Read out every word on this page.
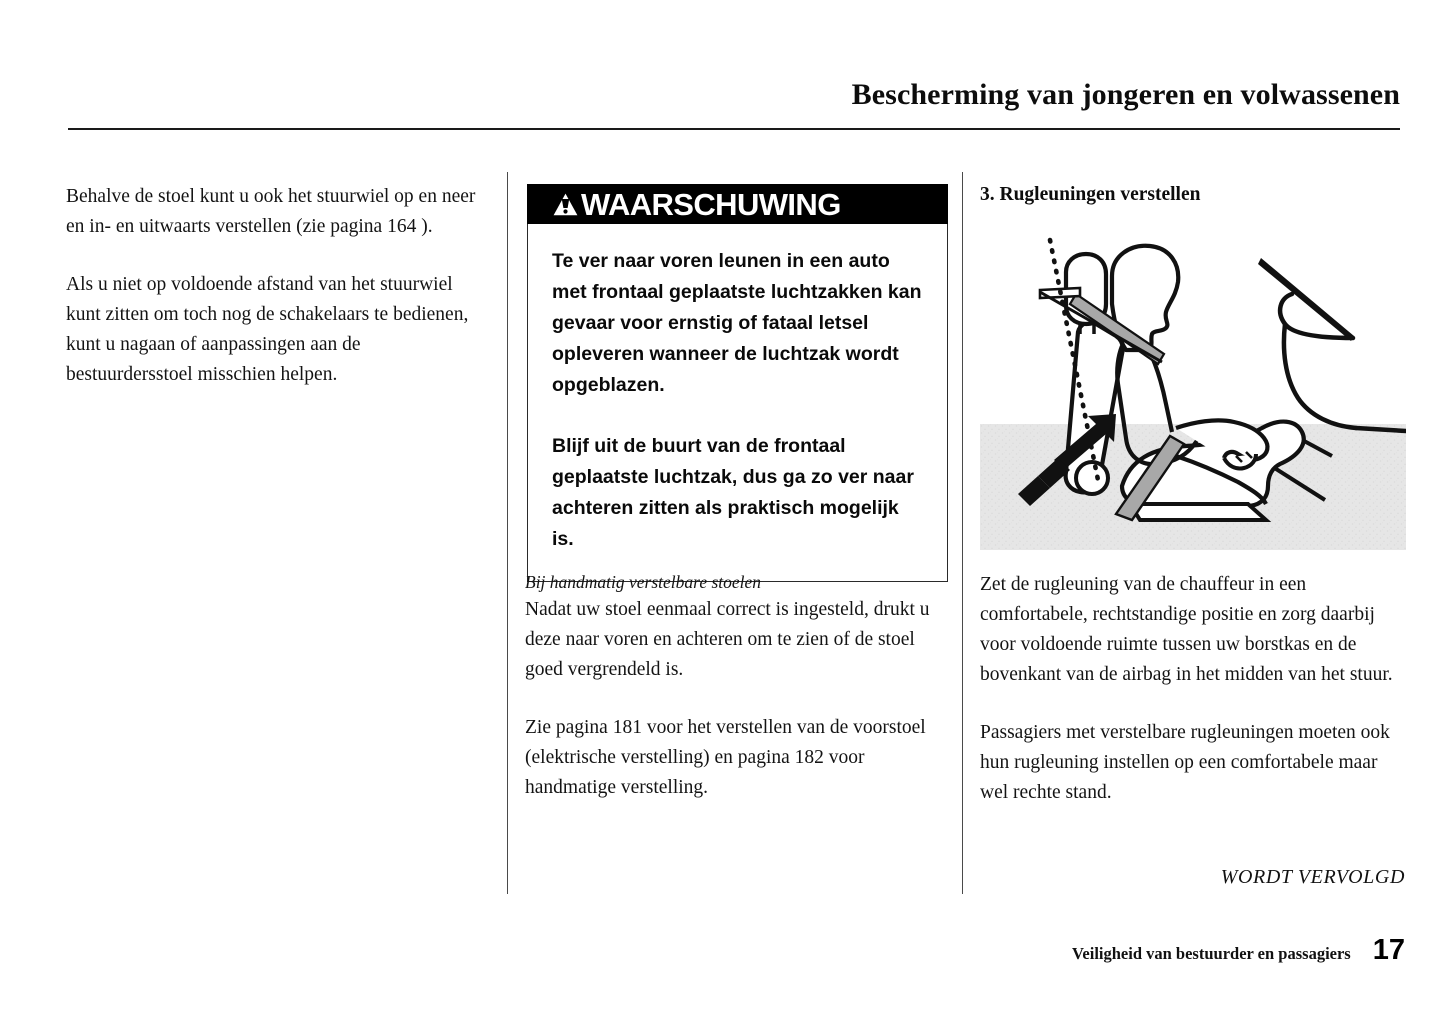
Bescherming van jongeren en volwassenen

Behalve de stoel kunt u ook het stuurwiel op en neer en in- en uitwaarts verstellen (zie pagina 164 ).

Als u niet op voldoende afstand van het stuurwiel kunt zitten om toch nog de schakelaars te bedienen, kunt u nagaan of aanpassingen aan de bestuurdersstoel misschien helpen.

WAARSCHUWING

Te ver naar voren leunen in een auto met frontaal geplaatste luchtzakken kan gevaar voor ernstig of fataal letsel opleveren wanneer de luchtzak wordt opgeblazen.

Blijf uit de buurt van de frontaal geplaatste luchtzak, dus ga zo ver naar achteren zitten als praktisch mogelijk is.

Bij handmatig verstelbare stoelen
Nadat uw stoel eenmaal correct is ingesteld, drukt u deze naar voren en achteren om te zien of de stoel goed vergrendeld is.

Zie pagina 181 voor het verstellen van de voorstoel (elektrische verstelling) en pagina 182 voor handmatige verstelling.

3. Rugleuningen verstellen

Zet de rugleuning van de chauffeur in een comfortabele, rechtstandige positie en zorg daarbij voor voldoende ruimte tussen uw borstkas en de bovenkant van de airbag in het midden van het stuur.

Passagiers met verstelbare rugleuningen moeten ook hun rugleuning instellen op een comfortabele maar wel rechte stand.

WORDT VERVOLGD
Veiligheid van bestuurder en passagiers 17
